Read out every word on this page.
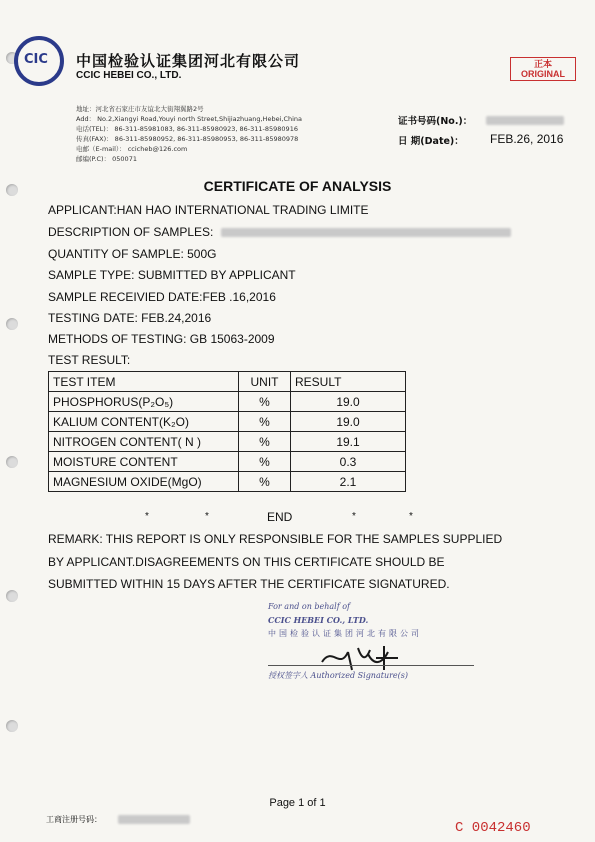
CIC 中国检验认证集团河北有限公司
CCIC HEBEI CO., LTD.
正本
ORIGINAL
地址：河北省石家庄市友谊北大街翔翼路2号
Add： No.2,Xiangyi Road,Youyi north Street,Shijiazhuang,Hebei,China
电话(TEL)： 86-311-85981083, 86-311-85980923, 86-311-85980916
传真(FAX)： 86-311-85980952, 86-311-85980953, 86-311-85980978
电邮（E-mail）： ccicheb@126.com
邮编(P.C)： 050071
证书号码(No.)：
日 期(Date)： FEB.26, 2016
CERTIFICATE OF ANALYSIS
APPLICANT:HAN HAO INTERNATIONAL TRADING LIMITE
DESCRIPTION OF SAMPLES:
QUANTITY OF SAMPLE: 500G
SAMPLE TYPE: SUBMITTED BY APPLICANT
SAMPLE RECEIVIED DATE:FEB .16,2016
TESTING DATE: FEB.24,2016
METHODS OF TESTING: GB 15063-2009
TEST RESULT:
TEST ITEM	UNIT	RESULT
PHOSPHORUS(P₂O₅)	%	19.0
KALIUM CONTENT(K₂O)	%	19.0
NITROGEN CONTENT( N )	%	19.1
MOISTURE CONTENT	%	0.3
MAGNESIUM OXIDE(MgO)	%	2.1
*	*	END	*	*
REMARK: THIS REPORT IS ONLY RESPONSIBLE FOR THE SAMPLES SUPPLIED
BY APPLICANT.DISAGREEMENTS ON THIS CERTIFICATE SHOULD BE
SUBMITTED WITHIN 15 DAYS AFTER THE CERTIFICATE SIGNATURED.
For and on behalf of
CCIC HEBEI CO., LTD.
中国检验认证集团河北有限公司
授权签字人 Authorized Signature(s)
Page 1 of 1
工商注册号码：
C 0042460
